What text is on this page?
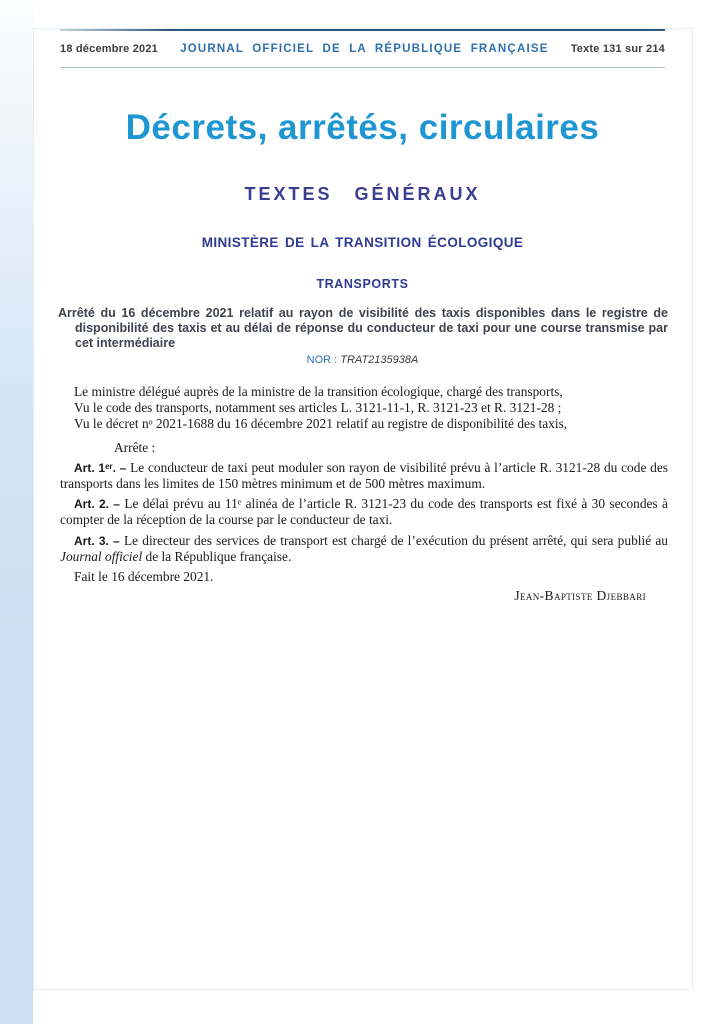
18 décembre 2021 JOURNAL OFFICIEL DE LA RÉPUBLIQUE FRANÇAISE Texte 131 sur 214
Décrets, arrêtés, circulaires
TEXTES GÉNÉRAUX
MINISTÈRE DE LA TRANSITION ÉCOLOGIQUE
TRANSPORTS
Arrêté du 16 décembre 2021 relatif au rayon de visibilité des taxis disponibles dans le registre de disponibilité des taxis et au délai de réponse du conducteur de taxi pour une course transmise par cet intermédiaire
NOR : TRAT2135938A

Le ministre délégué auprès de la ministre de la transition écologique, chargé des transports,

Vu le code des transports, notamment ses articles L. 3121-11-1, R. 3121-23 et R. 3121-28 ;

Vu le décret nᵒ 2021-1688 du 16 décembre 2021 relatif au registre de disponibilité des taxis,

Arrête :

Art. 1ᵉʳ. – Le conducteur de taxi peut moduler son rayon de visibilité prévu à l’article R. 3121-28 du code des transports dans les limites de 150 mètres minimum et de 500 mètres maximum.

Art. 2. – Le délai prévu au 11ᵉ alinéa de l’article R. 3121-23 du code des transports est fixé à 30 secondes à compter de la réception de la course par le conducteur de taxi.

Art. 3. – Le directeur des services de transport est chargé de l’exécution du présent arrêté, qui sera publié au Journal officiel de la République française.

Fait le 16 décembre 2021.

Jean-Baptiste Djebbari
